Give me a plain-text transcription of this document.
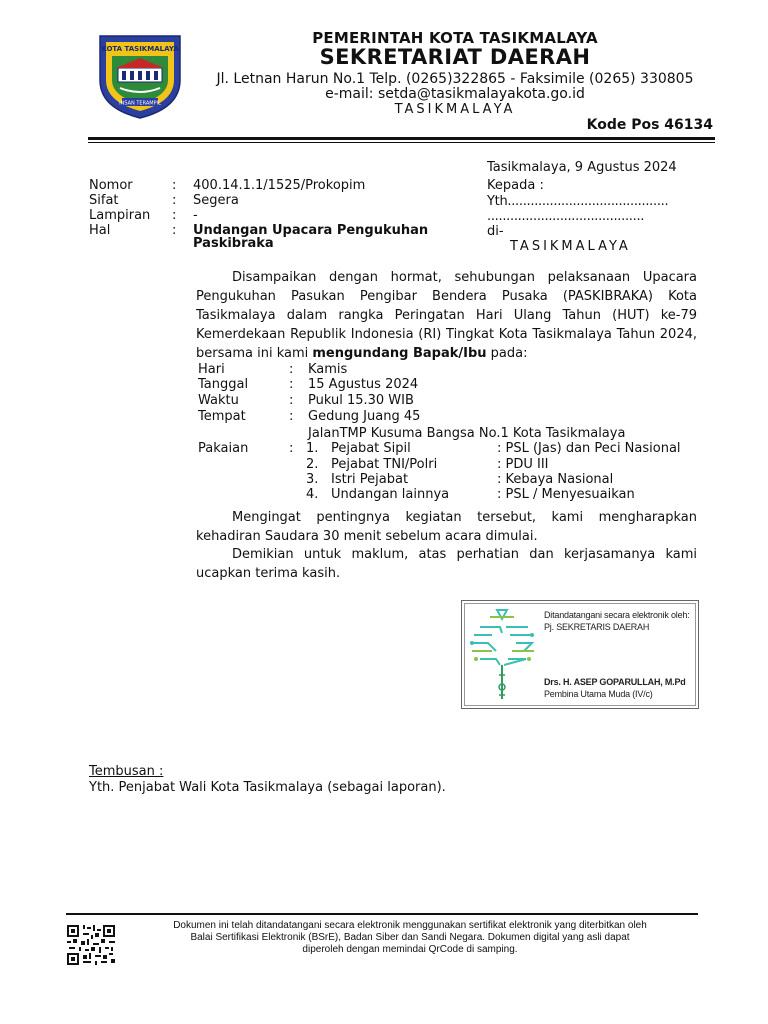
KOTA TASIKMALAYA
INSAN TERAMPIL
PEMERINTAH KOTA TASIKMALAYA
SEKRETARIAT DAERAH
Jl. Letnan Harun No.1 Telp. (0265)322865 - Faksimile (0265) 330805
e-mail: setda@tasikmalayakota.go.id
TASIKMALAYA
Kode Pos 46134
Tasikmalaya, 9 Agustus 2024
Kepada :
Yth..........................................
.........................................
di-
TASIKMALAYA
Nomor	: 400.14.1.1/1525/Prokopim
Sifat	: Segera
Lampiran : -
Hal	: Undangan Upacara Pengukuhan
Paskibraka

Disampaikan dengan hormat, sehubungan pelaksanaan Upacara Pengukuhan Pasukan Pengibar Bendera Pusaka (PASKIBRAKA) Kota Tasikmalaya dalam rangka Peringatan Hari Ulang Tahun (HUT) ke-79 Kemerdekaan Republik Indonesia (RI) Tingkat Kota Tasikmalaya Tahun 2024, bersama ini kami mengundang Bapak/Ibu pada:

Hari	: Kamis
Tanggal	: 15 Agustus 2024
Waktu	: Pukul 15.30 WIB
Tempat	: Gedung Juang 45
JalanTMP Kusuma Bangsa No.1 Kota Tasikmalaya
Pakaian	: 1. Pejabat Sipil	: PSL (Jas) dan Peci Nasional
2. Pejabat TNI/Polri	: PDU III
3. Istri Pejabat	: Kebaya Nasional
4. Undangan lainnya	: PSL / Menyesuaikan

Mengingat pentingnya kegiatan tersebut, kami mengharapkan kehadiran Saudara 30 menit sebelum acara dimulai.

Demikian untuk maklum, atas perhatian dan kerjasamanya kami ucapkan terima kasih.

Ditandatangani secara elektronik oleh:
Pj. SEKRETARIS DAERAH
Drs. H. ASEP GOPARULLAH, M.Pd
Pembina Utama Muda (IV/c)
Tembusan :
Yth. Penjabat Wali Kota Tasikmalaya (sebagai laporan).
Dokumen ini telah ditandatangani secara elektronik menggunakan sertifikat elektronik yang diterbitkan oleh
Balai Sertifikasi Elektronik (BSrE), Badan Siber dan Sandi Negara. Dokumen digital yang asli dapat
diperoleh dengan memindai QrCode di samping.
